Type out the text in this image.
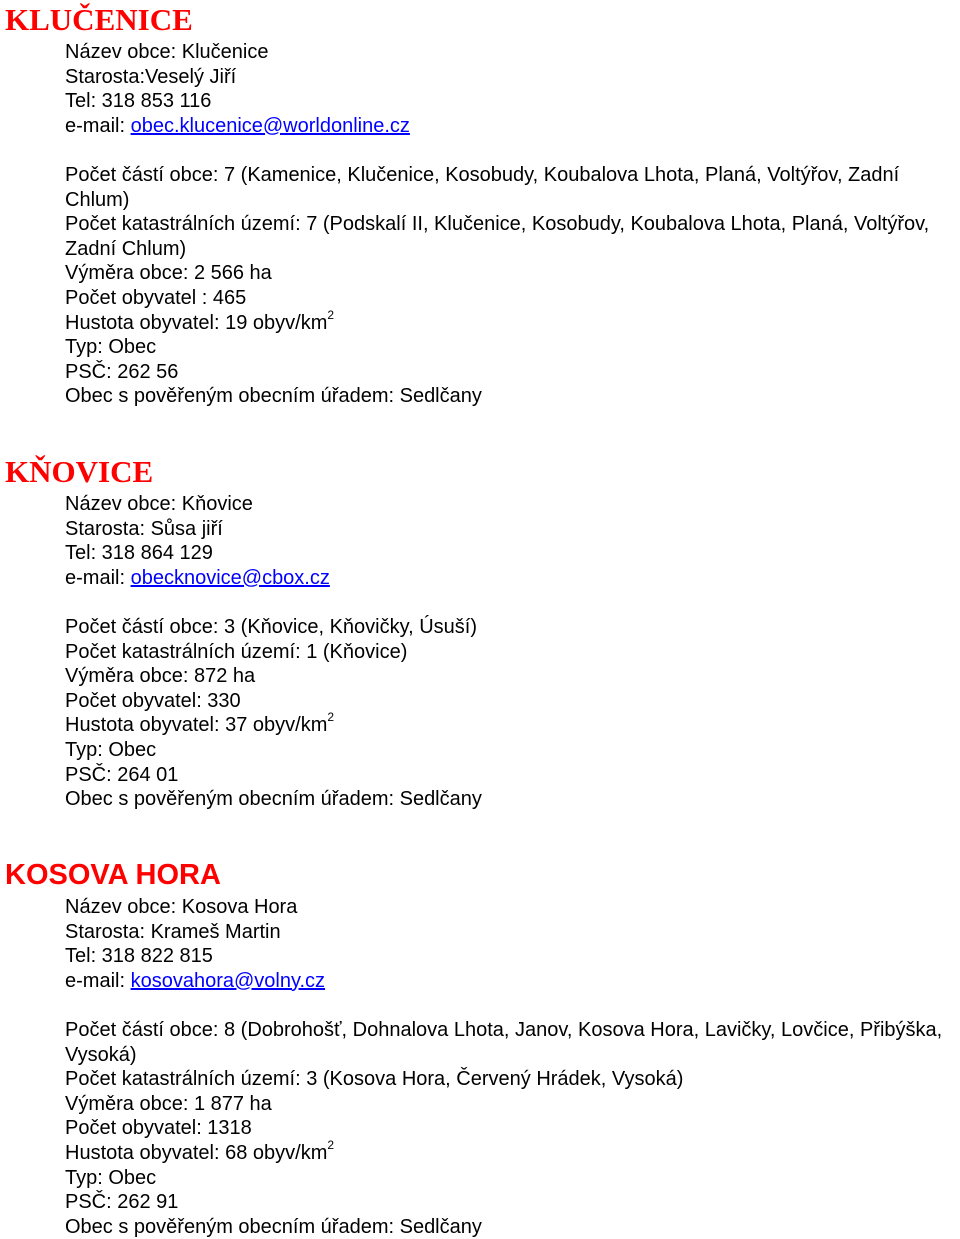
KLUČENICE

Název obce: Klučenice

Starosta:Veselý Jiří

Tel: 318 853 116

e-mail: obec.klucenice@worldonline.cz

Počet částí obce: 7 (Kamenice, Klučenice, Kosobudy, Koubalova Lhota, Planá, Voltýřov, Zadní Chlum)

Počet katastrálních území: 7 (Podskalí II, Klučenice, Kosobudy, Koubalova Lhota, Planá, Voltýřov, Zadní Chlum)

Výměra obce: 2 566 ha

Počet obyvatel : 465

Hustota obyvatel: 19 obyv/$km^2$

Typ: Obec

PSČ: 262 56

Obec s pověřeným obecním úřadem: Sedlčany

KŇOVICE

Název obce: Kňovice

Starosta: Sůsa jiří

Tel: 318 864 129

e-mail: obecknovice@cbox.cz

Počet částí obce: 3 (Kňovice, Kňovičky, Úsuší)

Počet katastrálních území: 1 (Kňovice)

Výměra obce: 872 ha

Počet obyvatel: 330

Hustota obyvatel: 37 obyv/$km^2$

Typ: Obec

PSČ: 264 01

Obec s pověřeným obecním úřadem: Sedlčany

KOSOVA HORA

Název obce: Kosova Hora

Starosta: Krameš Martin

Tel: 318 822 815

e-mail: kosovahora@volny.cz

Počet částí obce: 8 (Dobrohošť, Dohnalova Lhota, Janov, Kosova Hora, Lavičky, Lovčice, Přibýška, Vysoká)

Počet katastrálních území: 3 (Kosova Hora, Červený Hrádek, Vysoká)

Výměra obce: 1 877 ha

Počet obyvatel: 1318

Hustota obyvatel: 68 obyv/$km^2$

Typ: Obec

PSČ: 262 91

Obec s pověřeným obecním úřadem: Sedlčany
